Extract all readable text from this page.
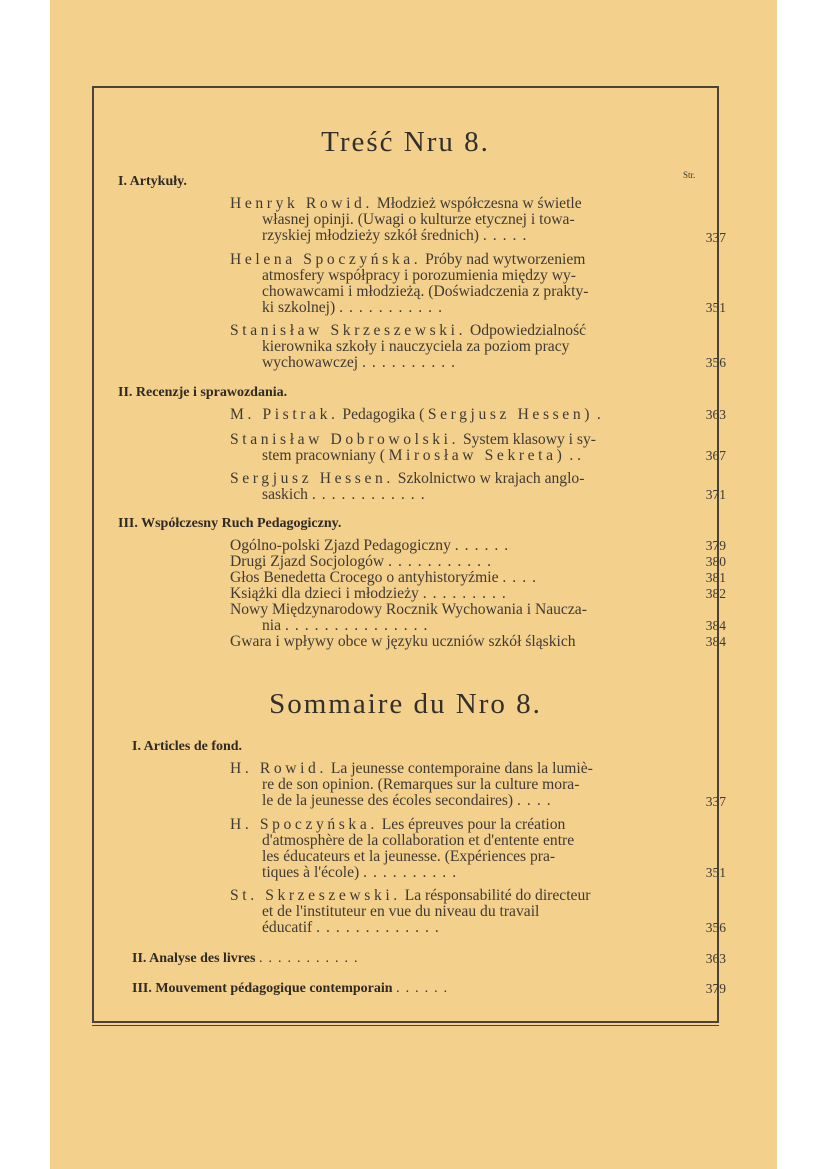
Treść Nru 8.
Str.
I. Artykuły.
Henryk Rowid. Młodzież współczesna w świetle
własnej opinji. (Uwagi o kulturze etycznej i towa-
rzyskiej młodzieży szkół średnich) .....	337
Helena Spoczyńska. Próby nad wytworzeniem
atmosfery współpracy i porozumienia między wy-
chowawcami i młodzieżą. (Doświadczenia z prakty-
ki szkolnej) ...........	351
Stanisław Skrzeszewski. Odpowiedzialność
kierownika szkoły i nauczyciela za poziom pracy
wychowawczej ..........	356
II. Recenzje i sprawozdania.
M. Pistrak. Pedagogika (Sergjusz Hessen) .	363
Stanisław Dobrowolski. System klasowy i sy-
stem pracowniany (Mirosław Sekreta) . .	367
Sergjusz Hessen. Szkolnictwo w krajach anglo-
saskich ............	371
III. Współczesny Ruch Pedagogiczny.
Ogólno-polski Zjazd Pedagogiczny ......	379
Drugi Zjazd Socjologów ...........	380
Głos Benedetta Crocego o antyhistoryźmie ....	381
Książki dla dzieci i młodzieży .........	382
Nowy Międzynarodowy Rocznik Wychowania i Naucza-
nia ...............	384
Gwara i wpływy obce w języku uczniów szkół śląskich	384
Sommaire du Nro 8.
I. Articles de fond.
H. Rowid. La jeunesse contemporaine dans la lumiè-
re de son opinion. (Remarques sur la culture mora-
le de la jeunesse des écoles secondaires) ....	337
H. Spoczyńska. Les épreuves pour la création
d'atmosphère de la collaboration et d'entente entre
les éducateurs et la jeunesse. (Expériences pra-
tiques à l'école) ..........	351
St. Skrzeszewski. La résponsabilité do directeur
et de l'instituteur en vue du niveau du travail
éducatif .............	356
II. Analyse des livres ...........	363
III. Mouvement pédagogique contemporain ......	379
